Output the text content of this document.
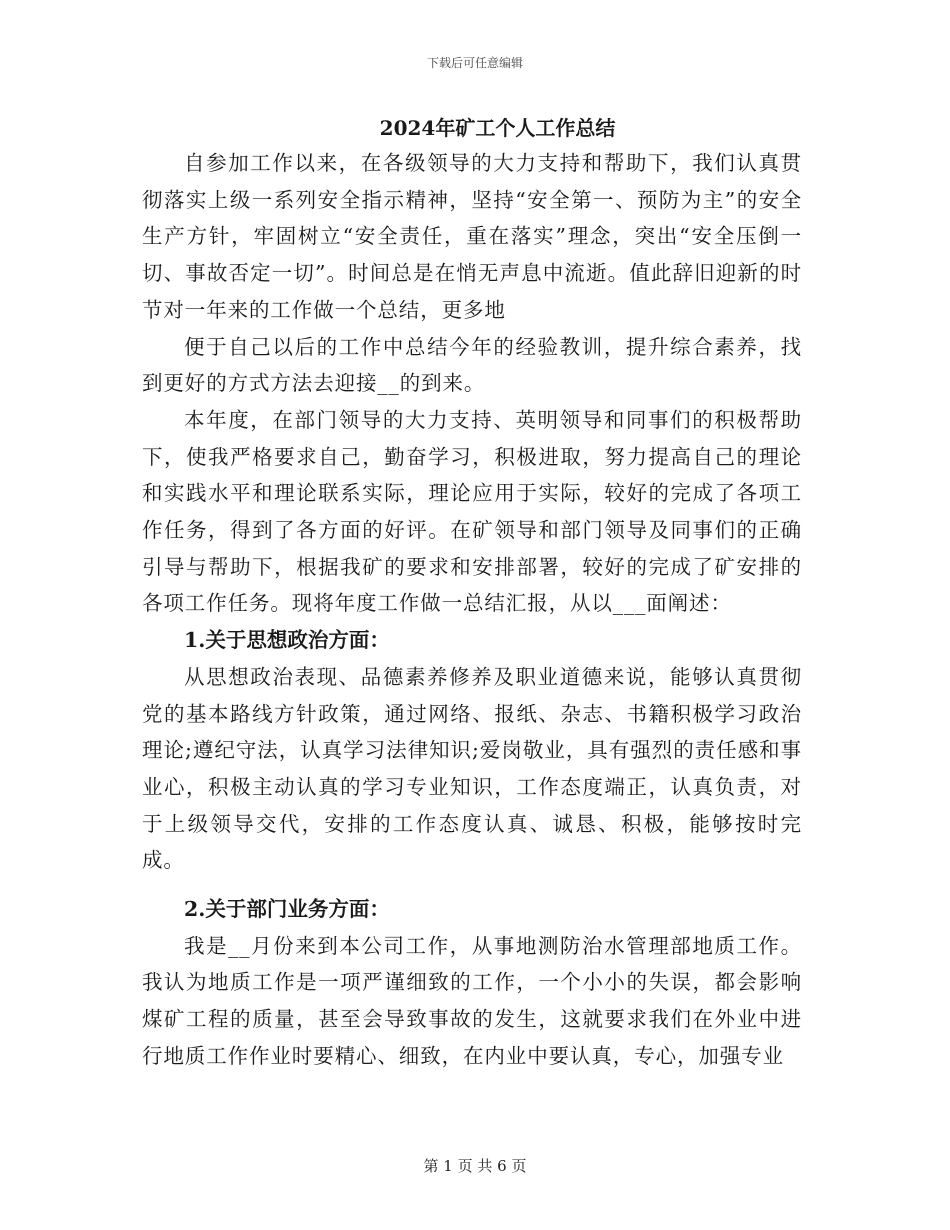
下载后可任意编辑
2024年矿工个人工作总结

自参加工作以来，在各级领导的大力支持和帮助下，我们认真贯彻落实上级一系列安全指示精神，坚持“安全第一、预防为主”的安全生产方针，牢固树立“安全责任，重在落实”理念，突出“安全压倒一切、事故否定一切”。时间总是在悄无声息中流逝。值此辞旧迎新的时节对一年来的工作做一个总结，更多地

便于自己以后的工作中总结今年的经验教训，提升综合素养，找到更好的方式方法去迎接__的到来。

本年度，在部门领导的大力支持、英明领导和同事们的积极帮助下，使我严格要求自己，勤奋学习，积极进取，努力提高自己的理论和实践水平和理论联系实际，理论应用于实际，较好的完成了各项工作任务，得到了各方面的好评。在矿领导和部门领导及同事们的正确引导与帮助下，根据我矿的要求和安排部署，较好的完成了矿安排的各项工作任务。现将年度工作做一总结汇报，从以___面阐述：

1.关于思想政治方面：

从思想政治表现、品德素养修养及职业道德来说，能够认真贯彻党的基本路线方针政策，通过网络、报纸、杂志、书籍积极学习政治理论;遵纪守法，认真学习法律知识;爱岗敬业，具有强烈的责任感和事业心，积极主动认真的学习专业知识，工作态度端正，认真负责，对于上级领导交代，安排的工作态度认真、诚恳、积极，能够按时完成。

2.关于部门业务方面：

我是__月份来到本公司工作，从事地测防治水管理部地质工作。我认为地质工作是一项严谨细致的工作，一个小小的失误，都会影响煤矿工程的质量，甚至会导致事故的发生，这就要求我们在外业中进行地质工作作业时要精心、细致，在内业中要认真，专心，加强专业

第 1 页 共 6 页
